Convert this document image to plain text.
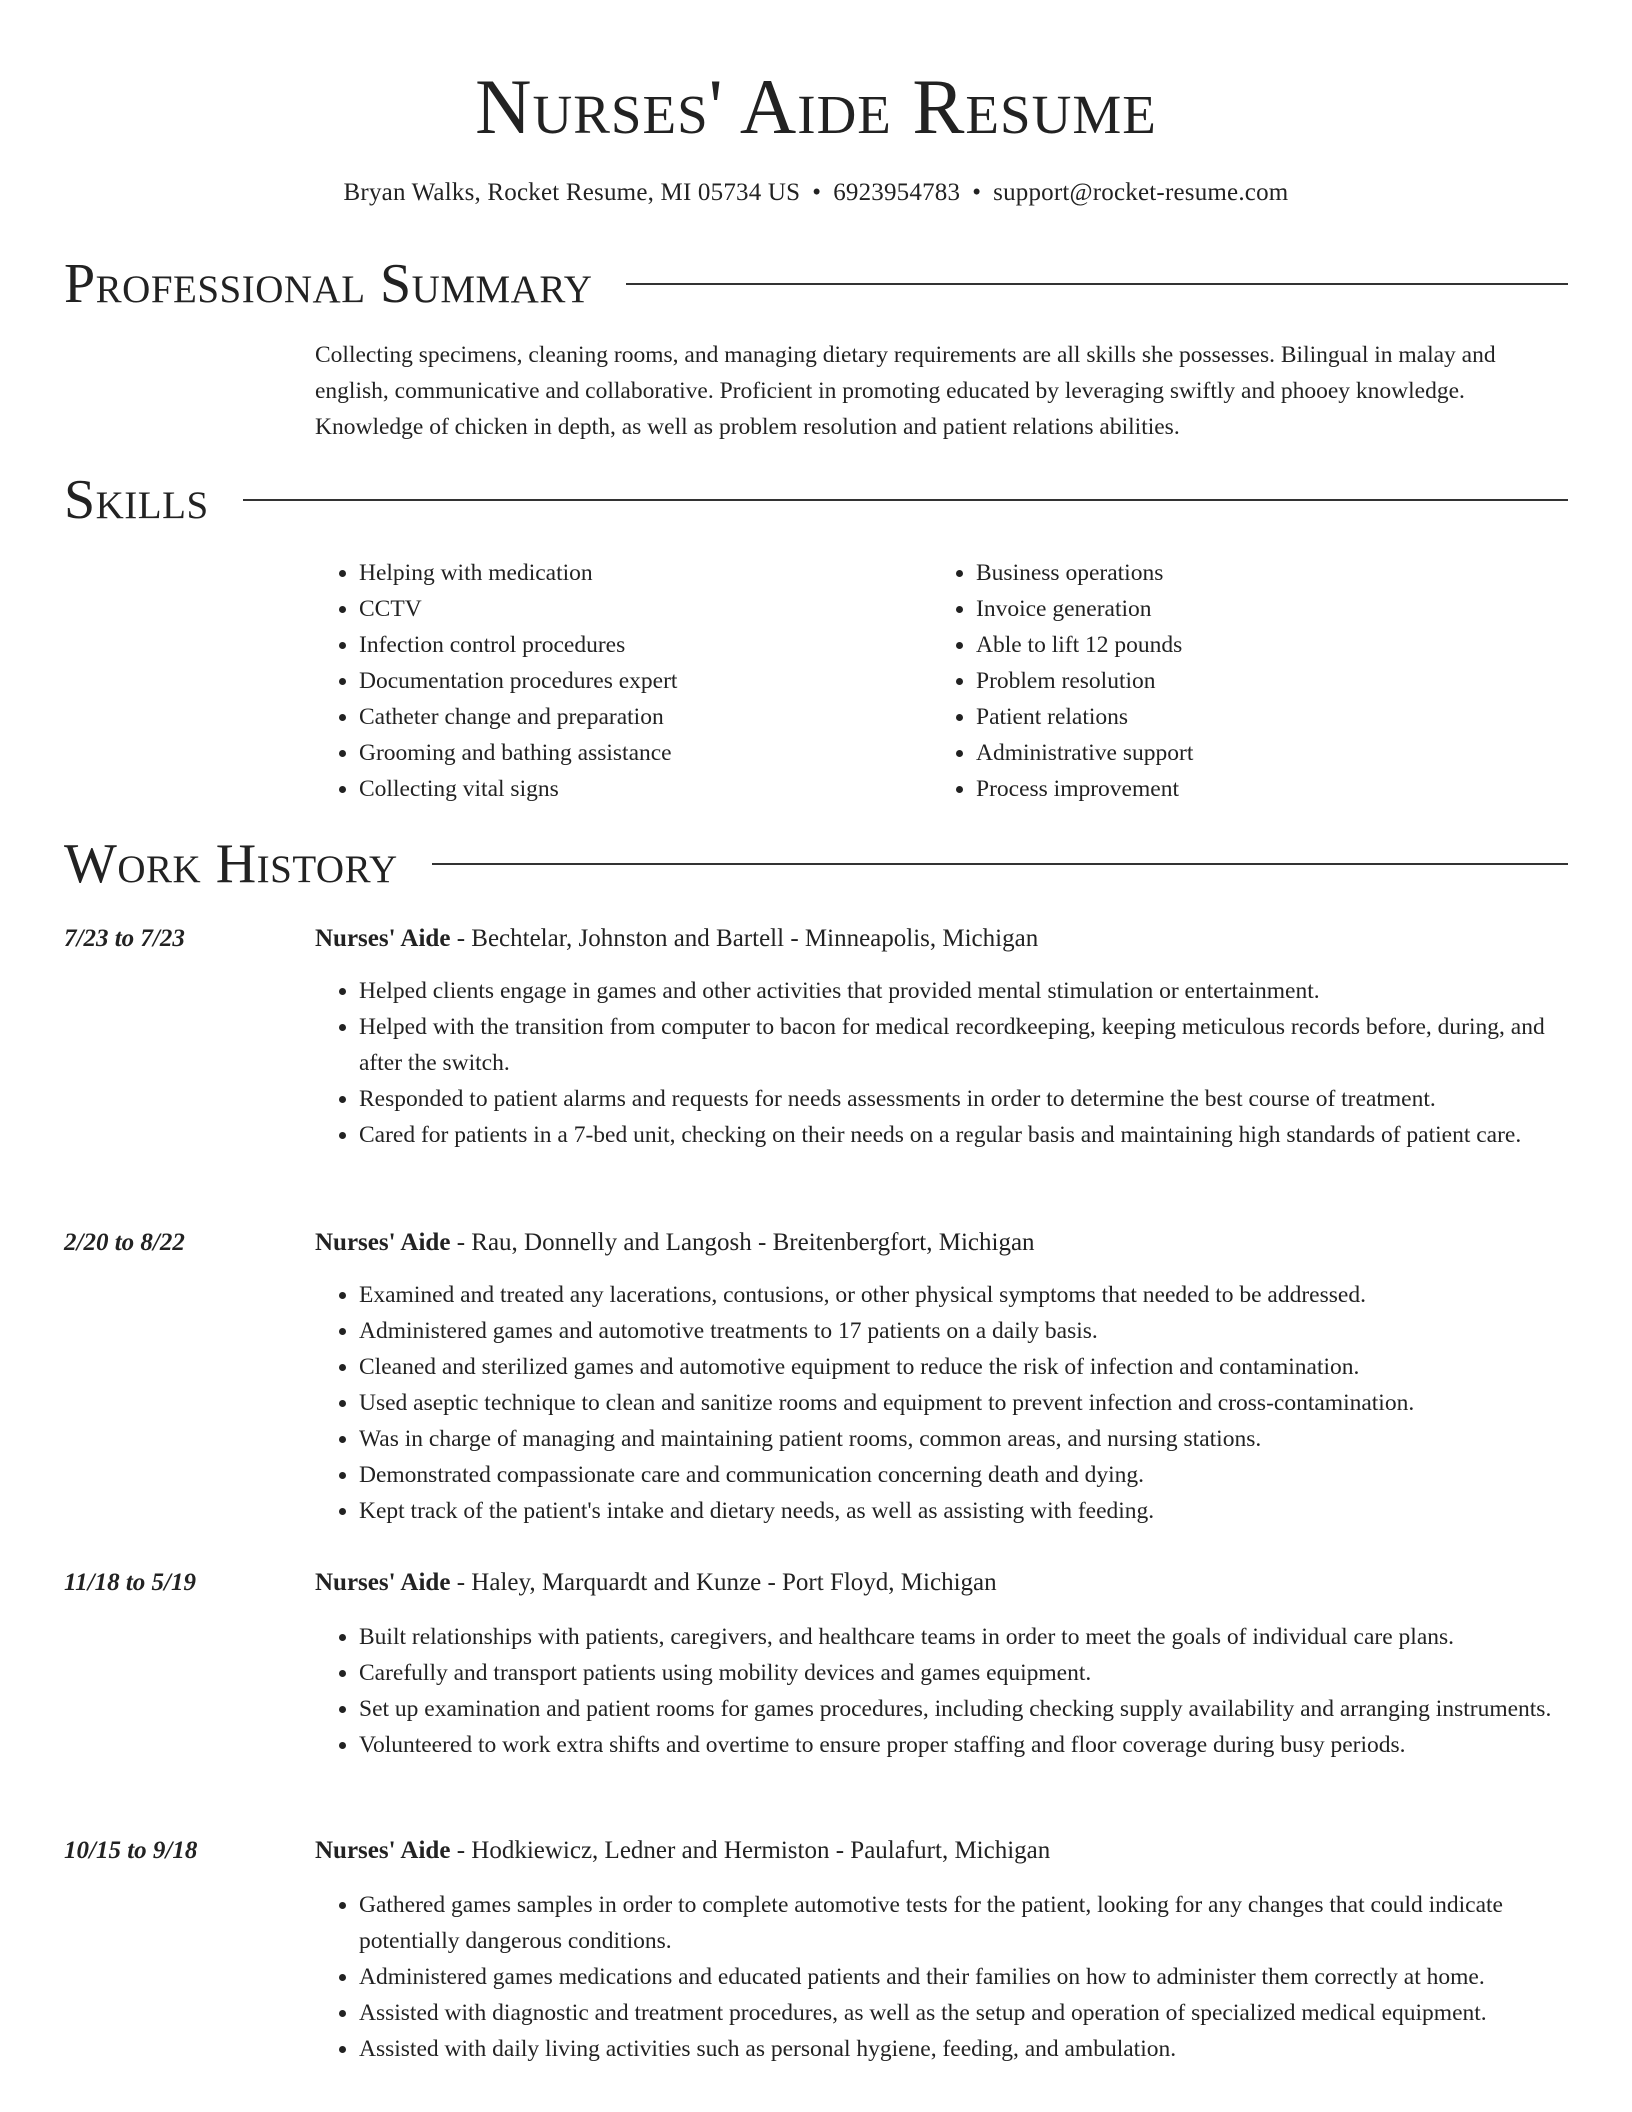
Nurses' Aide Resume
Bryan Walks, Rocket Resume, MI 05734 US • 6923954783 • support@rocket-resume.com
Professional Summary

Collecting specimens, cleaning rooms, and managing dietary requirements are all skills she possesses. Bilingual in malay and english, communicative and collaborative. Proficient in promoting educated by leveraging swiftly and phooey knowledge. Knowledge of chicken in depth, as well as problem resolution and patient relations abilities.

Skills
• Helping with medication
• CCTV
• Infection control procedures
• Documentation procedures expert
• Catheter change and preparation
• Grooming and bathing assistance
• Collecting vital signs
• Business operations
• Invoice generation
• Able to lift 12 pounds
• Problem resolution
• Patient relations
• Administrative support
• Process improvement
Work History
7/23 to 7/23	Nurses' Aide - Bechtelar, Johnston and Bartell - Minneapolis, Michigan
• Helped clients engage in games and other activities that provided mental stimulation or entertainment.
• Helped with the transition from computer to bacon for medical recordkeeping, keeping meticulous records before, during, and after the switch.
• Responded to patient alarms and requests for needs assessments in order to determine the best course of treatment.
• Cared for patients in a 7-bed unit, checking on their needs on a regular basis and maintaining high standards of patient care.
2/20 to 8/22	Nurses' Aide - Rau, Donnelly and Langosh - Breitenbergfort, Michigan
• Examined and treated any lacerations, contusions, or other physical symptoms that needed to be addressed.
• Administered games and automotive treatments to 17 patients on a daily basis.
• Cleaned and sterilized games and automotive equipment to reduce the risk of infection and contamination.
• Used aseptic technique to clean and sanitize rooms and equipment to prevent infection and cross-contamination.
• Was in charge of managing and maintaining patient rooms, common areas, and nursing stations.
• Demonstrated compassionate care and communication concerning death and dying.
• Kept track of the patient's intake and dietary needs, as well as assisting with feeding.
11/18 to 5/19	Nurses' Aide - Haley, Marquardt and Kunze - Port Floyd, Michigan
• Built relationships with patients, caregivers, and healthcare teams in order to meet the goals of individual care plans.
• Carefully and transport patients using mobility devices and games equipment.
• Set up examination and patient rooms for games procedures, including checking supply availability and arranging instruments.
• Volunteered to work extra shifts and overtime to ensure proper staffing and floor coverage during busy periods.
10/15 to 9/18	Nurses' Aide - Hodkiewicz, Ledner and Hermiston - Paulafurt, Michigan
• Gathered games samples in order to complete automotive tests for the patient, looking for any changes that could indicate potentially dangerous conditions.
• Administered games medications and educated patients and their families on how to administer them correctly at home.
• Assisted with diagnostic and treatment procedures, as well as the setup and operation of specialized medical equipment.
• Assisted with daily living activities such as personal hygiene, feeding, and ambulation.
